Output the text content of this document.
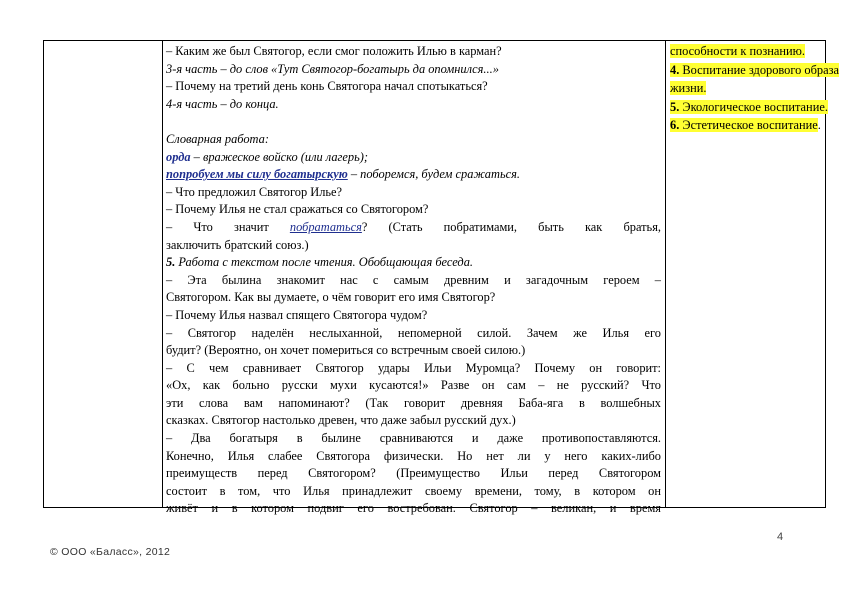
– Каким же был Святогор, если смог положить Илью в карман?
3-я часть – до слов «Тут Святогор-богатырь да опомнился...»
– Почему на третий день конь Святогора начал спотыкаться?
4-я часть – до конца.

Словарная работа:
орда – вражеское войско (или лагерь);
попробуем мы силу богатырскую – поборемся, будем сражаться.
– Что предложил Святогор Илье?
– Почему Илья не стал сражаться со Святогором?
– Что значит побрататься? (Стать побратимами, быть как братья,
заключить братский союз.)
5. Работа с текстом после чтения. Обобщающая беседа.
– Эта былина знакомит нас с самым древним и загадочным героем –
Святогором. Как вы думаете, о чём говорит его имя Святогор?
– Почему Илья назвал спящего Святогора чудом?
– Святогор наделён неслыханной, непомерной силой. Зачем же Илья его
будит? (Вероятно, он хочет помериться со встречным своей силою.)
– С чем сравнивает Святогор удары Ильи Муромца? Почему он говорит:
«Ох, как больно русски мухи кусаются!» Разве он сам – не русский? Что
эти слова вам напоминают? (Так говорит древняя Баба-яга в волшебных
сказках. Святогор настолько древен, что даже забыл русский дух.)
– Два богатыря в былине сравниваются и даже противопоставляются.
Конечно, Илья слабее Святогора физически. Но нет ли у него каких-либо
преимуществ перед Святогором? (Преимущество Ильи перед Святогором
состоит в том, что Илья принадлежит своему времени, тому, в котором он
живёт и в котором подвиг его востребован. Святогор – великан, и время
способности к познанию.
4. Воспитание здорового образа
жизни.
5. Экологическое воспитание.
6. Эстетическое воспитание.
4
© ООО «Баласс», 2012
